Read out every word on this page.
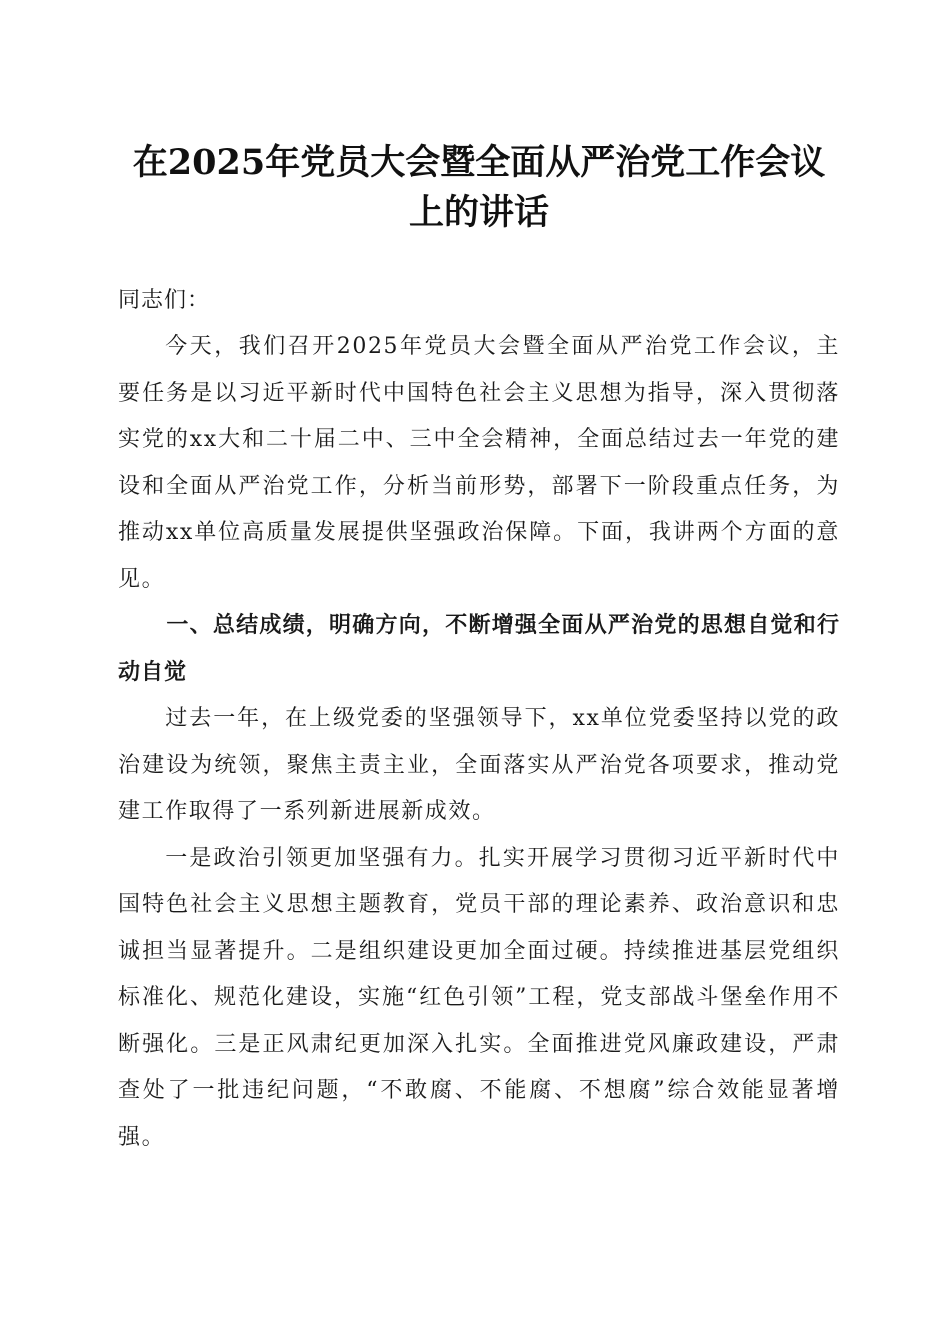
在2025年党员大会暨全面从严治党工作会议
上的讲话

同志们：

今天，我们召开2025年党员大会暨全面从严治党工作会议，主要任务是以习近平新时代中国特色社会主义思想为指导，深入贯彻落实党的xx大和二十届二中、三中全会精神，全面总结过去一年党的建设和全面从严治党工作，分析当前形势，部署下一阶段重点任务，为推动xx单位高质量发展提供坚强政治保障。下面，我讲两个方面的意见。

一、总结成绩，明确方向，不断增强全面从严治党的思想自觉和行动自觉

过去一年，在上级党委的坚强领导下，xx单位党委坚持以党的政治建设为统领，聚焦主责主业，全面落实从严治党各项要求，推动党建工作取得了一系列新进展新成效。

一是政治引领更加坚强有力。扎实开展学习贯彻习近平新时代中国特色社会主义思想主题教育，党员干部的理论素养、政治意识和忠诚担当显著提升。二是组织建设更加全面过硬。持续推进基层党组织标准化、规范化建设，实施“红色引领”工程，党支部战斗堡垒作用不断强化。三是正风肃纪更加深入扎实。全面推进党风廉政建设，严肃查处了一批违纪问题，“不敢腐、不能腐、不想腐”综合效能显著增强。
